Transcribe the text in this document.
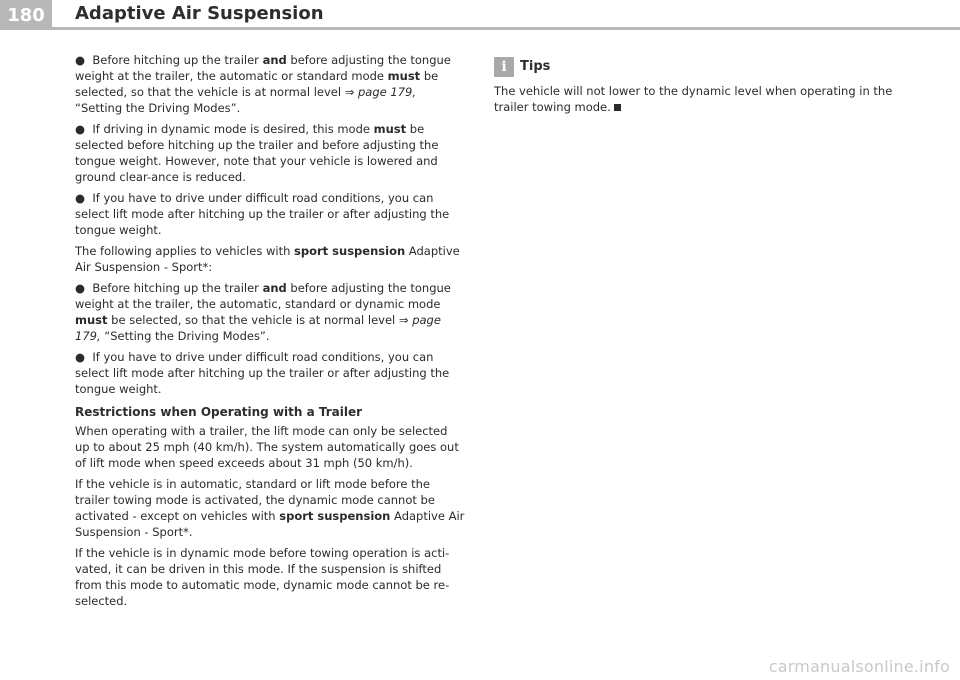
180	Adaptive Air Suspension

● Before hitching up the trailer and before adjusting the tongue weight at the trailer, the automatic or standard mode must be selected, so that the vehicle is at normal level ⇒ page 179, “Setting the Driving Modes”.

● If driving in dynamic mode is desired, this mode must be selected before hitching up the trailer and before adjusting the tongue weight. However, note that your vehicle is lowered and ground clear-ance is reduced.

● If you have to drive under difficult road conditions, you can select lift mode after hitching up the trailer or after adjusting the tongue weight.

The following applies to vehicles with sport suspension Adaptive Air Suspension - Sport*:

● Before hitching up the trailer and before adjusting the tongue weight at the trailer, the automatic, standard or dynamic mode must be selected, so that the vehicle is at normal level ⇒ page 179, “Setting the Driving Modes”.

● If you have to drive under difficult road conditions, you can select lift mode after hitching up the trailer or after adjusting the tongue weight.

Restrictions when Operating with a Trailer

When operating with a trailer, the lift mode can only be selected up to about 25 mph (40 km/h). The system automatically goes out of lift mode when speed exceeds about 31 mph (50 km/h).

If the vehicle is in automatic, standard or lift mode before the trailer towing mode is activated, the dynamic mode cannot be activated - except on vehicles with sport suspension Adaptive Air Suspension - Sport*.

If the vehicle is in dynamic mode before towing operation is acti-vated, it can be driven in this mode. If the suspension is shifted from this mode to automatic mode, dynamic mode cannot be re-selected.

i	Tips

The vehicle will not lower to the dynamic level when operating in the trailer towing mode.

carmanualsonline.info
